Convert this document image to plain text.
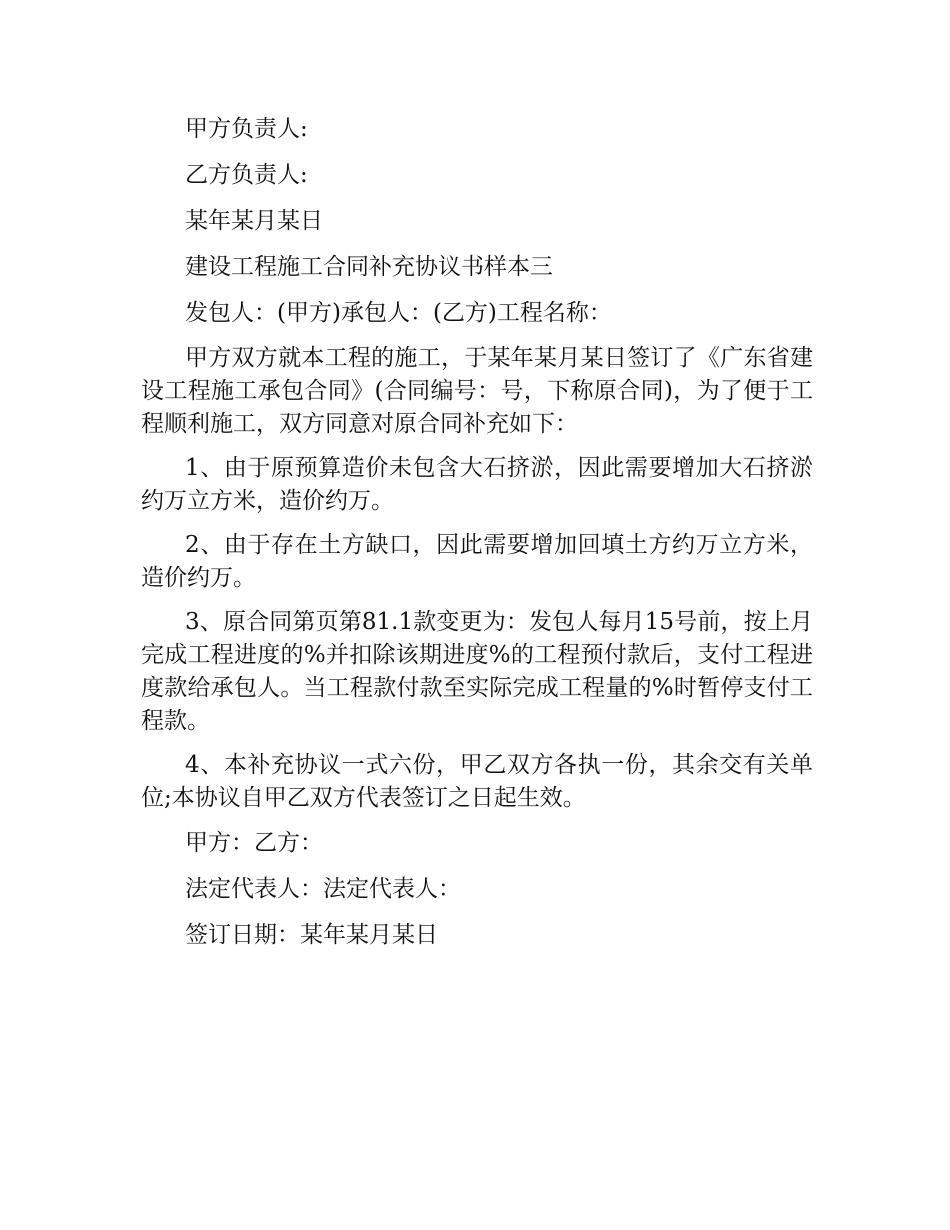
甲方负责人:

乙方负责人:

某年某月某日

建设工程施工合同补充协议书样本三

发包人：(甲方)承包人：(乙方)工程名称：

甲方双方就本工程的施工，于某年某月某日签订了《广东省建设工程施工承包合同》(合同编号：号，下称原合同)，为了便于工程顺利施工，双方同意对原合同补充如下：

1、由于原预算造价未包含大石挤淤，因此需要增加大石挤淤约万立方米，造价约万。

2、由于存在土方缺口，因此需要增加回填土方约万立方米，造价约万。

3、原合同第页第81.1款变更为：发包人每月15号前，按上月完成工程进度的%并扣除该期进度%的工程预付款后，支付工程进度款给承包人。当工程款付款至实际完成工程量的%时暂停支付工程款。

4、本补充协议一式六份，甲乙双方各执一份，其余交有关单位;本协议自甲乙双方代表签订之日起生效。

甲方：乙方：

法定代表人：法定代表人：

签订日期：某年某月某日
